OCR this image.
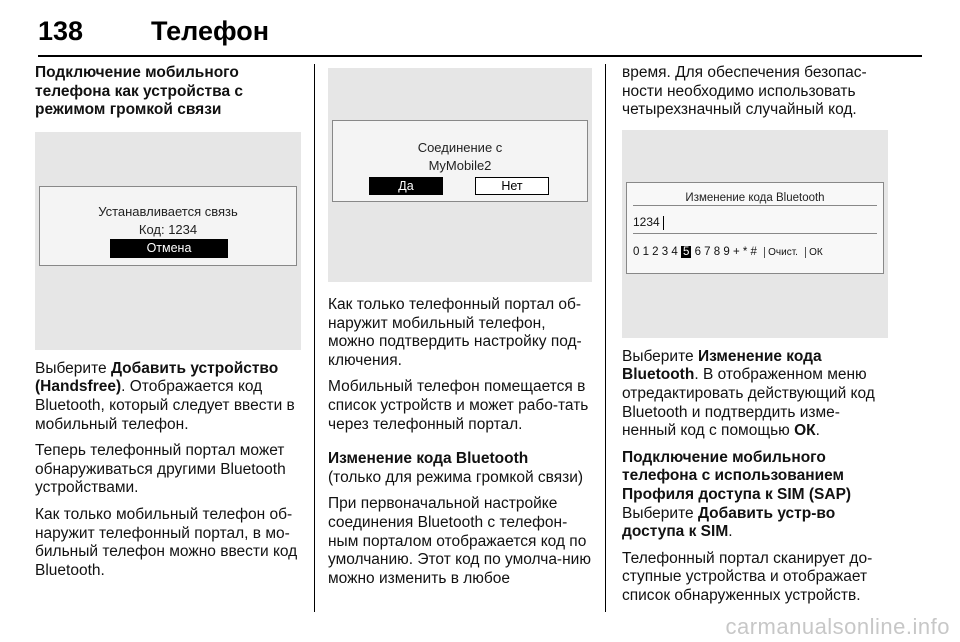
138	Телефон
Подключение мобильного
телефона как устройства с
режимом громкой связи
Устанавливается связь
Код: 1234
Отмена

Выберите Добавить устройство (Handsfree). Отображается код Bluetooth, который следует ввести в мобильный телефон.

Теперь телефонный портал может обнаруживаться другими Bluetooth устройствами.

Как только мобильный телефон об-наружит телефонный портал, в мо-бильный телефон можно ввести код Bluetooth.

Соединение с
MyMobile2
Да	Нет

Как только телефонный портал об-наружит мобильный телефон, можно подтвердить настройку под-ключения.

Мобильный телефон помещается в список устройств и может рабо-тать через телефонный портал.

Изменение кода Bluetooth

(только для режима громкой связи)

При первоначальной настройке соединения Bluetooth с телефон-ным порталом отображается код по умолчанию. Этот код по умолча-нию можно изменить в любое

время. Для обеспечения безопас-ности необходимо использовать четырехзначный случайный код.

Изменение кода Bluetooth
1234
0 1 2 3 4 5 6 7 8 9 + * # Очист. ОК

Выберите Изменение кода Bluetooth. В отображенном меню отредактировать действующий код Bluetooth и подтвердить изме-ненный код с помощью ОК.

Подключение мобильного
телефона с использованием
Профиля доступа к SIM (SAP)

Выберите Добавить устр-во доступа к SIM.

Телефонный портал сканирует до-ступные устройства и отображает список обнаруженных устройств.

carmanualsonline.info
